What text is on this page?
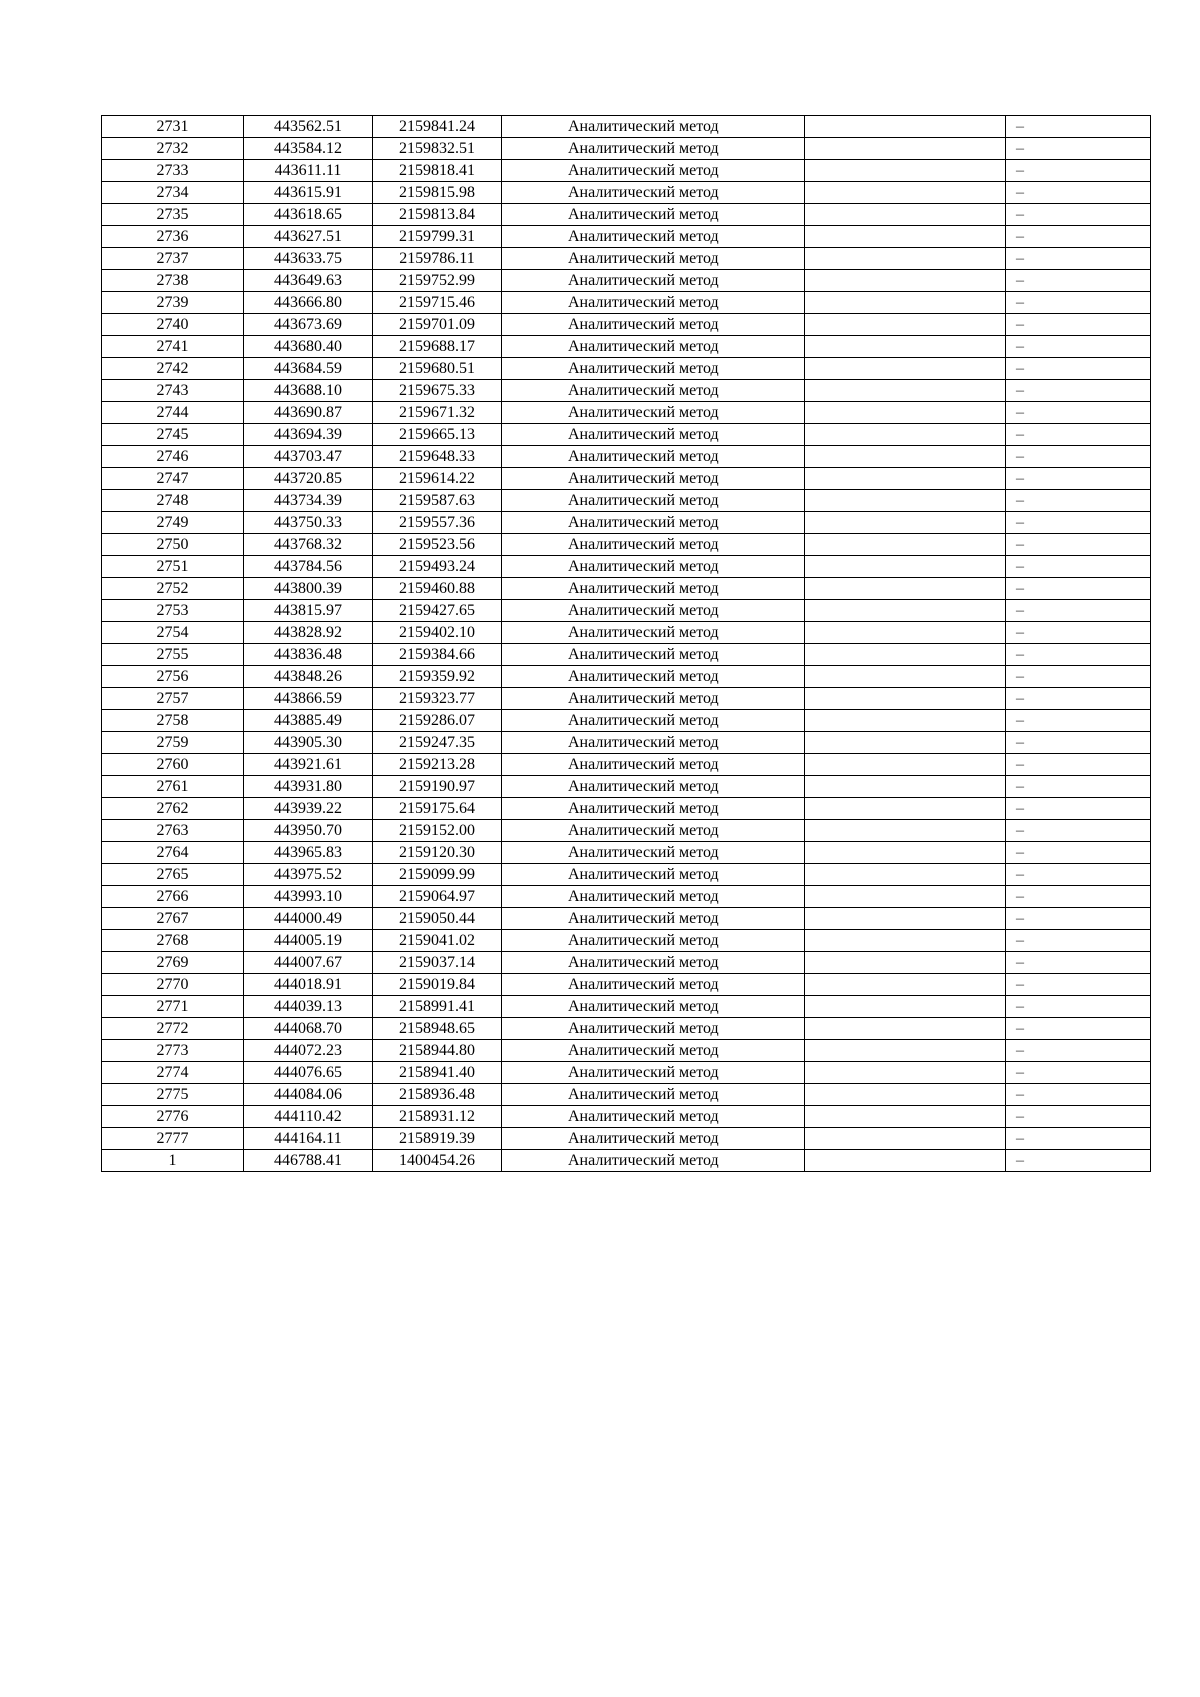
2731	443562.51	2159841.24	Аналитический метод		–
2732	443584.12	2159832.51	Аналитический метод		–
2733	443611.11	2159818.41	Аналитический метод		–
2734	443615.91	2159815.98	Аналитический метод		–
2735	443618.65	2159813.84	Аналитический метод		–
2736	443627.51	2159799.31	Аналитический метод		–
2737	443633.75	2159786.11	Аналитический метод		–
2738	443649.63	2159752.99	Аналитический метод		–
2739	443666.80	2159715.46	Аналитический метод		–
2740	443673.69	2159701.09	Аналитический метод		–
2741	443680.40	2159688.17	Аналитический метод		–
2742	443684.59	2159680.51	Аналитический метод		–
2743	443688.10	2159675.33	Аналитический метод		–
2744	443690.87	2159671.32	Аналитический метод		–
2745	443694.39	2159665.13	Аналитический метод		–
2746	443703.47	2159648.33	Аналитический метод		–
2747	443720.85	2159614.22	Аналитический метод		–
2748	443734.39	2159587.63	Аналитический метод		–
2749	443750.33	2159557.36	Аналитический метод		–
2750	443768.32	2159523.56	Аналитический метод		–
2751	443784.56	2159493.24	Аналитический метод		–
2752	443800.39	2159460.88	Аналитический метод		–
2753	443815.97	2159427.65	Аналитический метод		–
2754	443828.92	2159402.10	Аналитический метод		–
2755	443836.48	2159384.66	Аналитический метод		–
2756	443848.26	2159359.92	Аналитический метод		–
2757	443866.59	2159323.77	Аналитический метод		–
2758	443885.49	2159286.07	Аналитический метод		–
2759	443905.30	2159247.35	Аналитический метод		–
2760	443921.61	2159213.28	Аналитический метод		–
2761	443931.80	2159190.97	Аналитический метод		–
2762	443939.22	2159175.64	Аналитический метод		–
2763	443950.70	2159152.00	Аналитический метод		–
2764	443965.83	2159120.30	Аналитический метод		–
2765	443975.52	2159099.99	Аналитический метод		–
2766	443993.10	2159064.97	Аналитический метод		–
2767	444000.49	2159050.44	Аналитический метод		–
2768	444005.19	2159041.02	Аналитический метод		–
2769	444007.67	2159037.14	Аналитический метод		–
2770	444018.91	2159019.84	Аналитический метод		–
2771	444039.13	2158991.41	Аналитический метод		–
2772	444068.70	2158948.65	Аналитический метод		–
2773	444072.23	2158944.80	Аналитический метод		–
2774	444076.65	2158941.40	Аналитический метод		–
2775	444084.06	2158936.48	Аналитический метод		–
2776	444110.42	2158931.12	Аналитический метод		–
2777	444164.11	2158919.39	Аналитический метод		–
1	446788.41	1400454.26	Аналитический метод		–
